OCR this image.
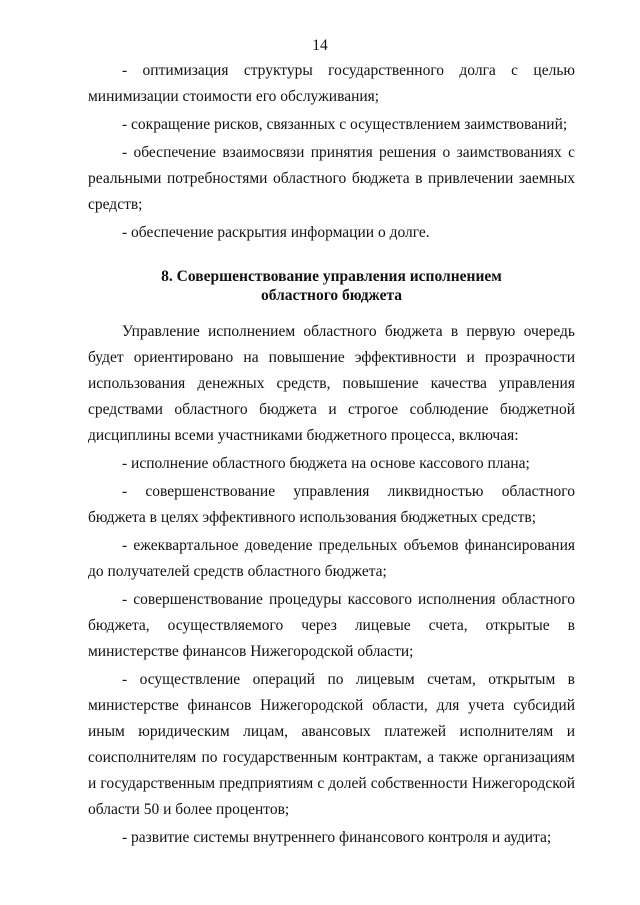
14

- оптимизация структуры государственного долга с целью минимизации стоимости его обслуживания;

- сокращение рисков, связанных с осуществлением заимствований;

- обеспечение взаимосвязи принятия решения о заимствованиях с реальными потребностями областного бюджета в привлечении заемных средств;

- обеспечение раскрытия информации о долге.

8. Совершенствование управления исполнением
областного бюджета

Управление исполнением областного бюджета в первую очередь будет ориентировано на повышение эффективности и прозрачности использования денежных средств, повышение качества управления средствами областного бюджета и строгое соблюдение бюджетной дисциплины всеми участниками бюджетного процесса, включая:

- исполнение областного бюджета на основе кассового плана;

- совершенствование управления ликвидностью областного бюджета в целях эффективного использования бюджетных средств;

- ежеквартальное доведение предельных объемов финансирования до получателей средств областного бюджета;

- совершенствование процедуры кассового исполнения областного бюджета, осуществляемого через лицевые счета, открытые в министерстве финансов Нижегородской области;

- осуществление операций по лицевым счетам, открытым в министерстве финансов Нижегородской области, для учета субсидий иным юридическим лицам, авансовых платежей исполнителям и соисполнителям по государственным контрактам, а также организациям и государственным предприятиям с долей собственности Нижегородской области 50 и более процентов;

- развитие системы внутреннего финансового контроля и аудита;
